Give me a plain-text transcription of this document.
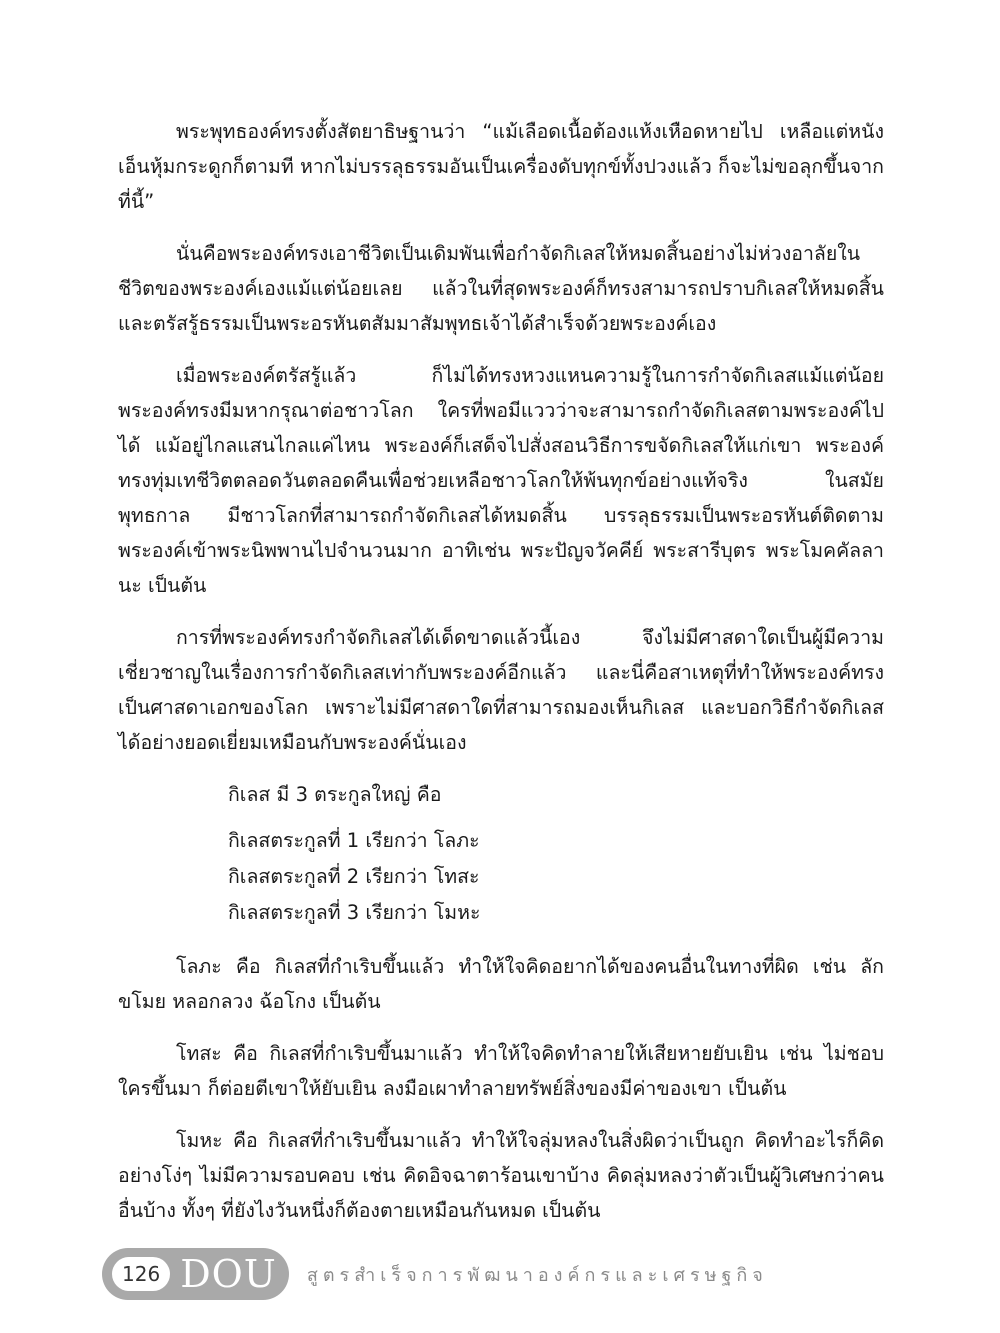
พระพุทธองค์ทรงตั้งสัตยาธิษฐานว่า “แม้เลือดเนื้อต้องแห้งเหือดหายไป เหลือแต่หนังเอ็นหุ้มกระดูกก็ตามที หากไม่บรรลุธรรมอันเป็นเครื่องดับทุกข์ทั้งปวงแล้ว ก็จะไม่ขอลุกขึ้นจากที่นี้”

นั่นคือพระองค์ทรงเอาชีวิตเป็นเดิมพันเพื่อกำจัดกิเลสให้หมดสิ้นอย่างไม่ห่วงอาลัยในชีวิตของพระองค์เองแม้แต่น้อยเลย แล้วในที่สุดพระองค์ก็ทรงสามารถปราบกิเลสให้หมดสิ้น และตรัสรู้ธรรมเป็นพระอรหันตสัมมาสัมพุทธเจ้าได้สำเร็จด้วยพระองค์เอง

เมื่อพระองค์ตรัสรู้แล้ว ก็ไม่ได้ทรงหวงแหนความรู้ในการกำจัดกิเลสแม้แต่น้อย พระองค์ทรงมีมหากรุณาต่อชาวโลก ใครที่พอมีแววว่าจะสามารถกำจัดกิเลสตามพระองค์ไปได้ แม้อยู่ไกลแสนไกลแค่ไหน พระองค์ก็เสด็จไปสั่งสอนวิธีการขจัดกิเลสให้แก่เขา พระองค์ทรงทุ่มเทชีวิตตลอดวันตลอดคืนเพื่อช่วยเหลือชาวโลกให้พ้นทุกข์อย่างแท้จริง ในสมัยพุทธกาล มีชาวโลกที่สามารถกำจัดกิเลสได้หมดสิ้น บรรลุธรรมเป็นพระอรหันต์ติดตามพระองค์เข้าพระนิพพานไปจำนวนมาก อาทิเช่น พระปัญจวัคคีย์ พระสารีบุตร พระโมคคัลลานะ เป็นต้น

การที่พระองค์ทรงกำจัดกิเลสได้เด็ดขาดแล้วนี้เอง จึงไม่มีศาสดาใดเป็นผู้มีความเชี่ยวชาญในเรื่องการกำจัดกิเลสเท่ากับพระองค์อีกแล้ว และนี่คือสาเหตุที่ทำให้พระองค์ทรงเป็นศาสดาเอกของโลก เพราะไม่มีศาสดาใดที่สามารถมองเห็นกิเลส และบอกวิธีกำจัดกิเลสได้อย่างยอดเยี่ยมเหมือนกับพระองค์นั่นเอง

กิเลส มี 3 ตระกูลใหญ่ คือ
กิเลสตระกูลที่ 1 เรียกว่า โลภะ
กิเลสตระกูลที่ 2 เรียกว่า โทสะ
กิเลสตระกูลที่ 3 เรียกว่า โมหะ

โลภะ คือ กิเลสที่กำเริบขึ้นแล้ว ทำให้ใจคิดอยากได้ของคนอื่นในทางที่ผิด เช่น ลักขโมย หลอกลวง ฉ้อโกง เป็นต้น

โทสะ คือ กิเลสที่กำเริบขึ้นมาแล้ว ทำให้ใจคิดทำลายให้เสียหายยับเยิน เช่น ไม่ชอบใครขึ้นมา ก็ต่อยตีเขาให้ยับเยิน ลงมือเผาทำลายทรัพย์สิ่งของมีค่าของเขา เป็นต้น

โมหะ คือ กิเลสที่กำเริบขึ้นมาแล้ว ทำให้ใจลุ่มหลงในสิ่งผิดว่าเป็นถูก คิดทำอะไรก็คิดอย่างโง่ๆ ไม่มีความรอบคอบ เช่น คิดอิจฉาตาร้อนเขาบ้าง คิดลุ่มหลงว่าตัวเป็นผู้วิเศษกว่าคนอื่นบ้าง ทั้งๆ ที่ยังไงวันหนึ่งก็ต้องตายเหมือนกันหมด เป็นต้น

126 DOU สูตรสำเร็จการพัฒนาองค์กรและเศรษฐกิจ
